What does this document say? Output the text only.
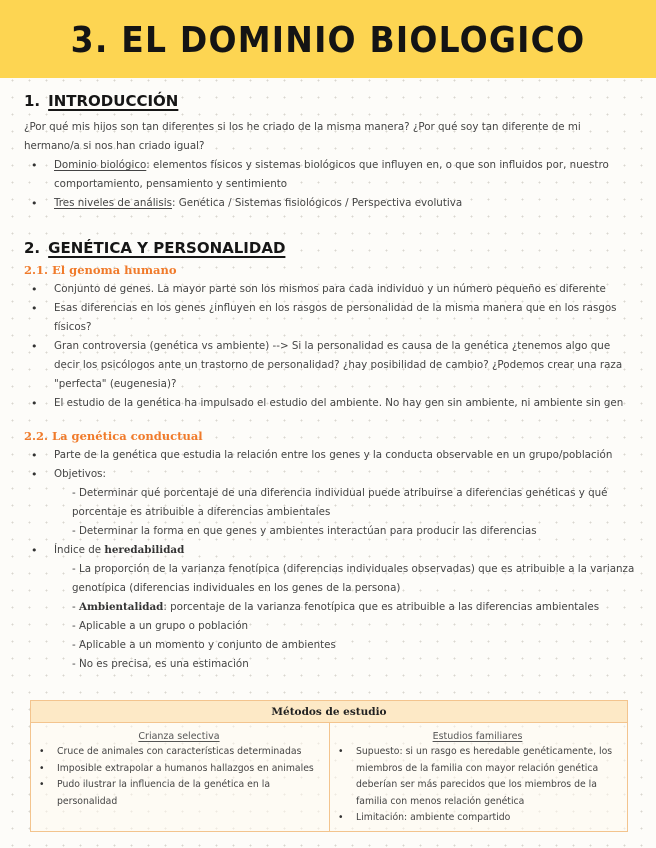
3. EL DOMINIO BIOLOGICO
1. INTRODUCCIÓN
¿Por qué mis hijos son tan diferentes si los he criado de la misma manera? ¿Por qué soy tan diferente de mi hermano/a si nos han criado igual?
• Dominio biológico: elementos físicos y sistemas biológicos que influyen en, o que son influidos por, nuestro comportamiento, pensamiento y sentimiento
• Tres niveles de análisis: Genética / Sistemas fisiológicos / Perspectiva evolutiva
2. GENÉTICA Y PERSONALIDAD
2.1. El genoma humano
• Conjunto de genes. La mayor parte son los mismos para cada individuo y un número pequeño es diferente
• Esas diferencias en los genes ¿influyen en los rasgos de personalidad de la misma manera que en los rasgos físicos?
• Gran controversia (genética vs ambiente) --> Si la personalidad es causa de la genética ¿tenemos algo que decir los psicólogos ante un trastorno de personalidad? ¿hay posibilidad de cambio? ¿Podemos crear una raza "perfecta" (eugenesia)?
• El estudio de la genética ha impulsado el estudio del ambiente. No hay gen sin ambiente, ni ambiente sin gen
2.2. La genética conductual
• Parte de la genética que estudia la relación entre los genes y la conducta observable en un grupo/población
• Objetivos:
- Determinar qué porcentaje de una diferencia individual puede atribuirse a diferencias genéticas y qué porcentaje es atribuible a diferencias ambientales
- Determinar la forma en que genes y ambientes interactúan para producir las diferencias
• Índice de heredabilidad
- La proporción de la varianza fenotípica (diferencias individuales observadas) que es atribuible a la varianza genotípica (diferencias individuales en los genes de la persona)
- Ambientalidad: porcentaje de la varianza fenotípica que es atribuible a las diferencias ambientales
- Aplicable a un grupo o población
- Aplicable a un momento y conjunto de ambientes
- No es precisa, es una estimación
Métodos de estudio
Crianza selectiva
• Cruce de animales con características determinadas
• Imposible extrapolar a humanos hallazgos en animales
• Pudo ilustrar la influencia de la genética en la personalidad
Estudios familiares
• Supuesto: si un rasgo es heredable genéticamente, los miembros de la familia con mayor relación genética deberían ser más parecidos que los miembros de la familia con menos relación genética
• Limitación: ambiente compartido
